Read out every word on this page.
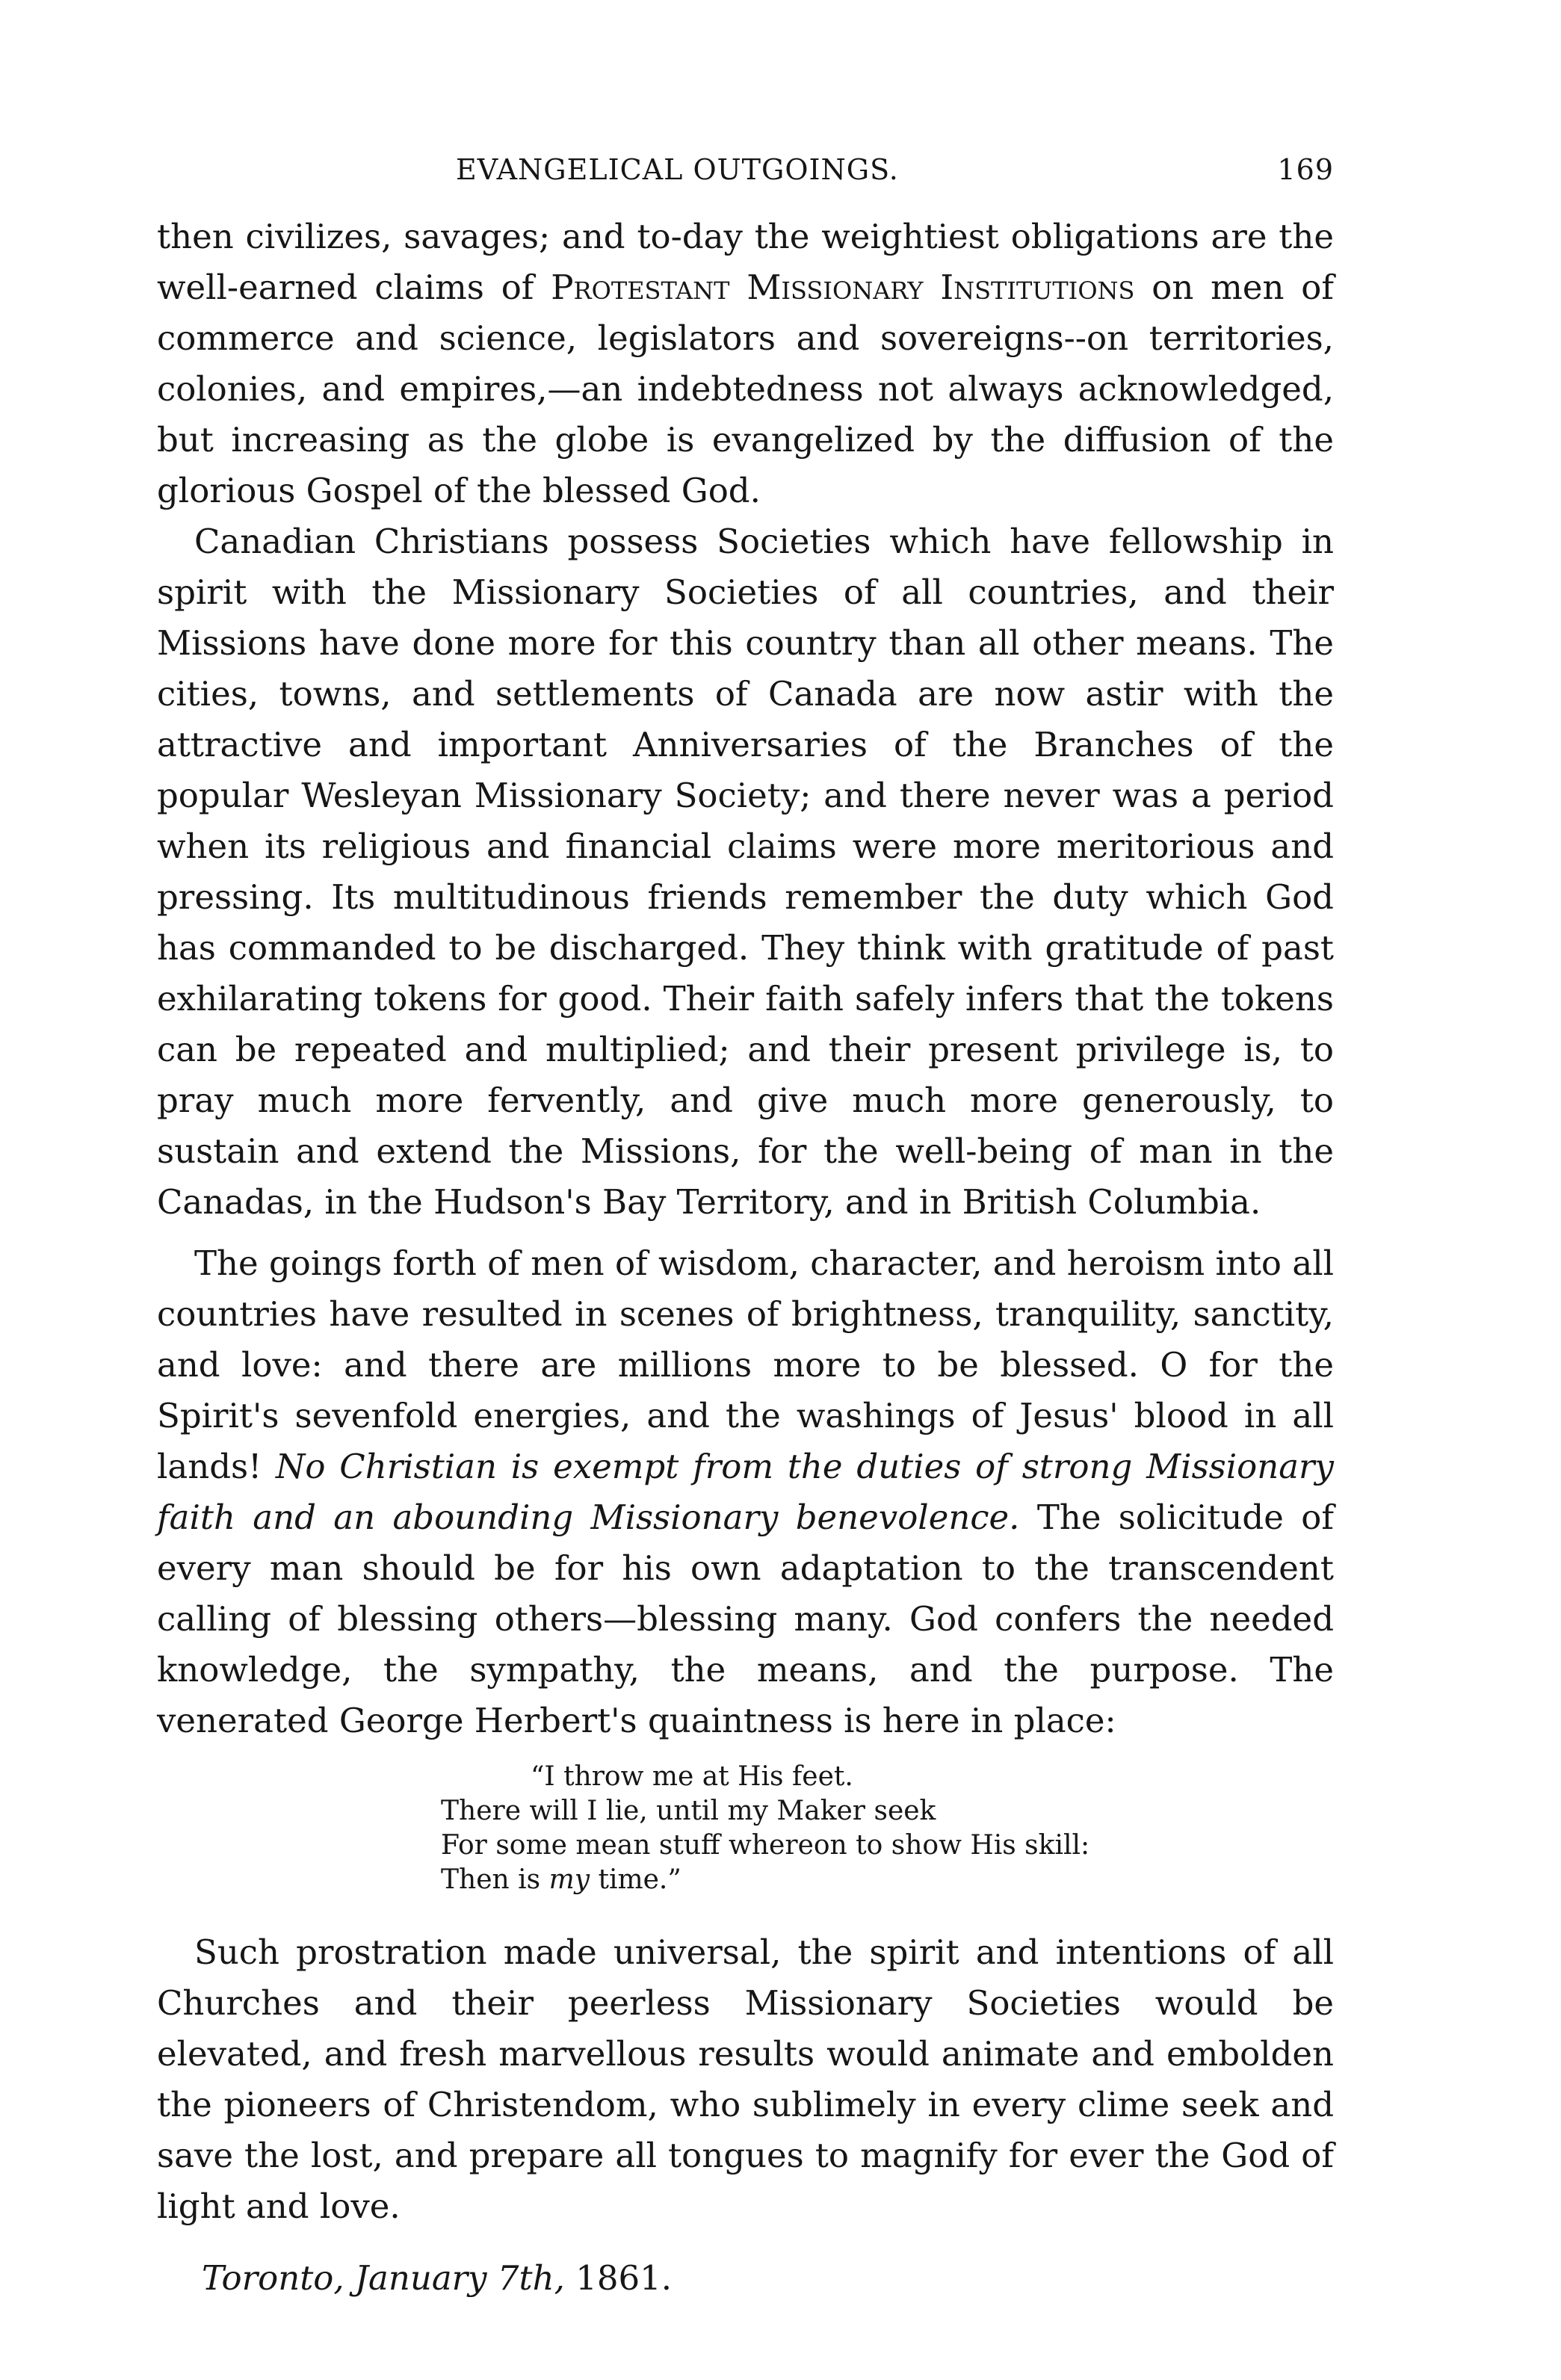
EVANGELICAL OUTGOINGS.	169

then civilizes, savages; and to-day the weightiest obligations are the well-earned claims of Protestant Missionary Institutions on men of commerce and science, legislators and sovereigns--on territories, colonies, and empires,—an indebtedness not always acknowledged, but increasing as the globe is evangelized by the diffusion of the glorious Gospel of the blessed God.

Canadian Christians possess Societies which have fellowship in spirit with the Missionary Societies of all countries, and their Missions have done more for this country than all other means. The cities, towns, and settlements of Canada are now astir with the attractive and important Anniversaries of the Branches of the popular Wesleyan Missionary Society; and there never was a period when its religious and financial claims were more meritorious and pressing. Its multitudinous friends remember the duty which God has commanded to be discharged. They think with gratitude of past exhilarating tokens for good. Their faith safely infers that the tokens can be repeated and multiplied; and their present privilege is, to pray much more fervently, and give much more generously, to sustain and extend the Missions, for the well-being of man in the Canadas, in the Hudson's Bay Territory, and in British Columbia.

The goings forth of men of wisdom, character, and heroism into all countries have resulted in scenes of brightness, tranquility, sanctity, and love: and there are millions more to be blessed. O for the Spirit's sevenfold energies, and the washings of Jesus' blood in all lands! No Christian is exempt from the duties of strong Missionary faith and an abounding Missionary benevolence. The solicitude of every man should be for his own adaptation to the transcendent calling of blessing others—blessing many. God confers the needed knowledge, the sympathy, the means, and the purpose. The venerated George Herbert's quaintness is here in place:

“I throw me at His feet.
There will I lie, until my Maker seek
For some mean stuff whereon to show His skill:
Then is my time.”

Such prostration made universal, the spirit and intentions of all Churches and their peerless Missionary Societies would be elevated, and fresh marvellous results would animate and embolden the pioneers of Christendom, who sublimely in every clime seek and save the lost, and prepare all tongues to magnify for ever the God of light and love.

Toronto, January 7th, 1861.
